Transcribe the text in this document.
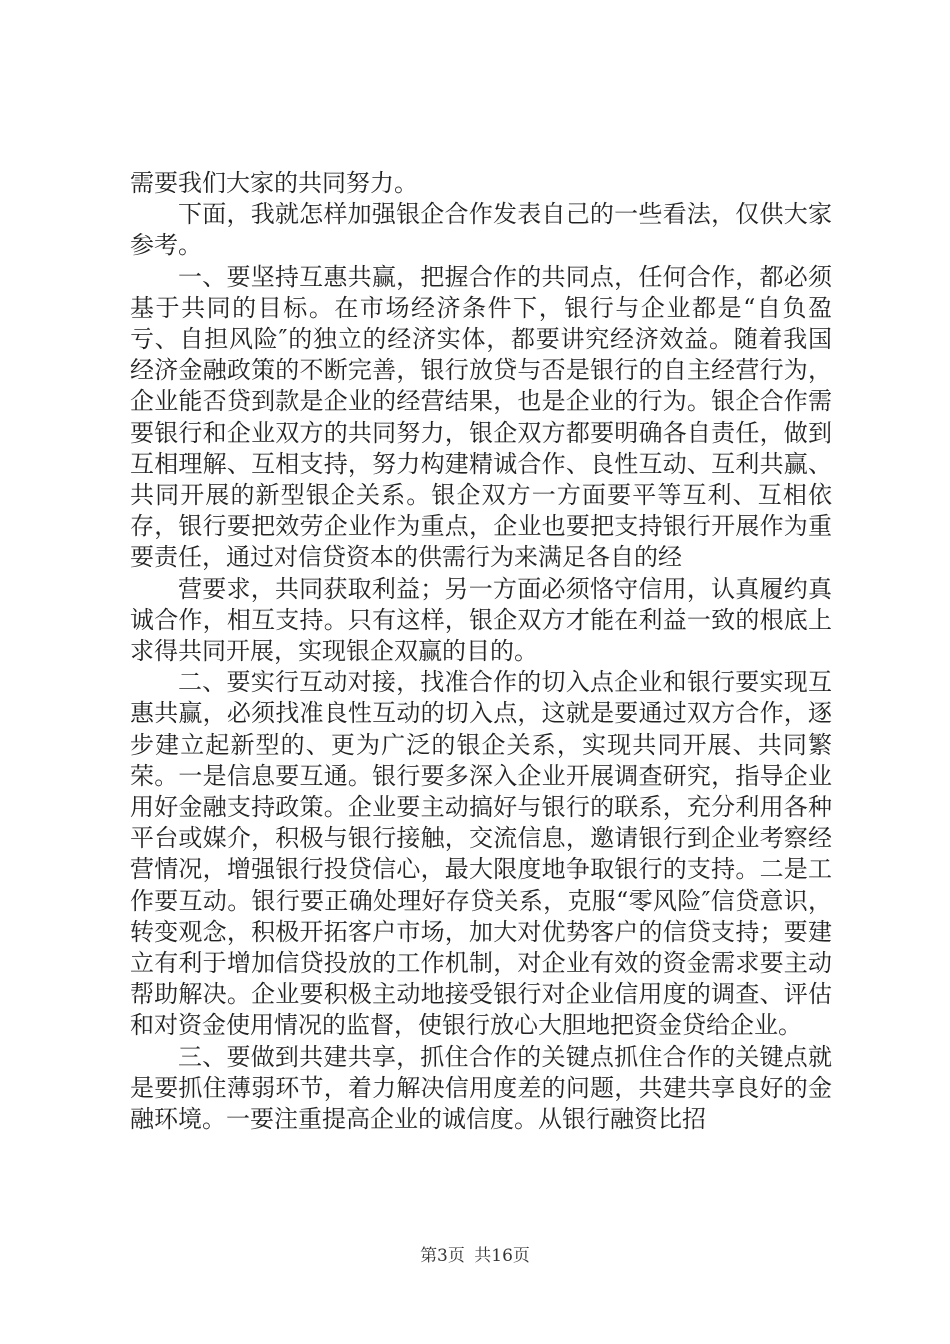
需要我们大家的共同努力。

下面，我就怎样加强银企合作发表自己的一些看法，仅供大家参考。

一、要坚持互惠共赢，把握合作的共同点，任何合作，都必须基于共同的目标。在市场经济条件下，银行与企业都是“自负盈亏、自担风险″的独立的经济实体，都要讲究经济效益。随着我国经济金融政策的不断完善，银行放贷与否是银行的自主经营行为，企业能否贷到款是企业的经营结果，也是企业的行为。银企合作需要银行和企业双方的共同努力，银企双方都要明确各自责任，做到互相理解、互相支持，努力构建精诚合作、良性互动、互利共赢、共同开展的新型银企关系。银企双方一方面要平等互利、互相依存，银行要把效劳企业作为重点，企业也要把支持银行开展作为重要责任，通过对信贷资本的供需行为来满足各自的经

营要求，共同获取利益；另一方面必须恪守信用，认真履约真诚合作，相互支持。只有这样，银企双方才能在利益一致的根底上求得共同开展，实现银企双赢的目的。

二、要实行互动对接，找准合作的切入点企业和银行要实现互惠共赢，必须找准良性互动的切入点，这就是要通过双方合作，逐步建立起新型的、更为广泛的银企关系，实现共同开展、共同繁荣。一是信息要互通。银行要多深入企业开展调查研究，指导企业用好金融支持政策。企业要主动搞好与银行的联系，充分利用各种平台或媒介，积极与银行接触，交流信息，邀请银行到企业考察经营情况，增强银行投贷信心，最大限度地争取银行的支持。二是工作要互动。银行要正确处理好存贷关系，克服“零风险″信贷意识，转变观念，积极开拓客户市场，加大对优势客户的信贷支持；要建立有利于增加信贷投放的工作机制，对企业有效的资金需求要主动帮助解决。企业要积极主动地接受银行对企业信用度的调查、评估和对资金使用情况的监督，使银行放心大胆地把资金贷给企业。

三、要做到共建共享，抓住合作的关键点抓住合作的关键点就是要抓住薄弱环节，着力解决信用度差的问题，共建共享良好的金融环境。一要注重提高企业的诚信度。从银行融资比招

第3页 共16页
